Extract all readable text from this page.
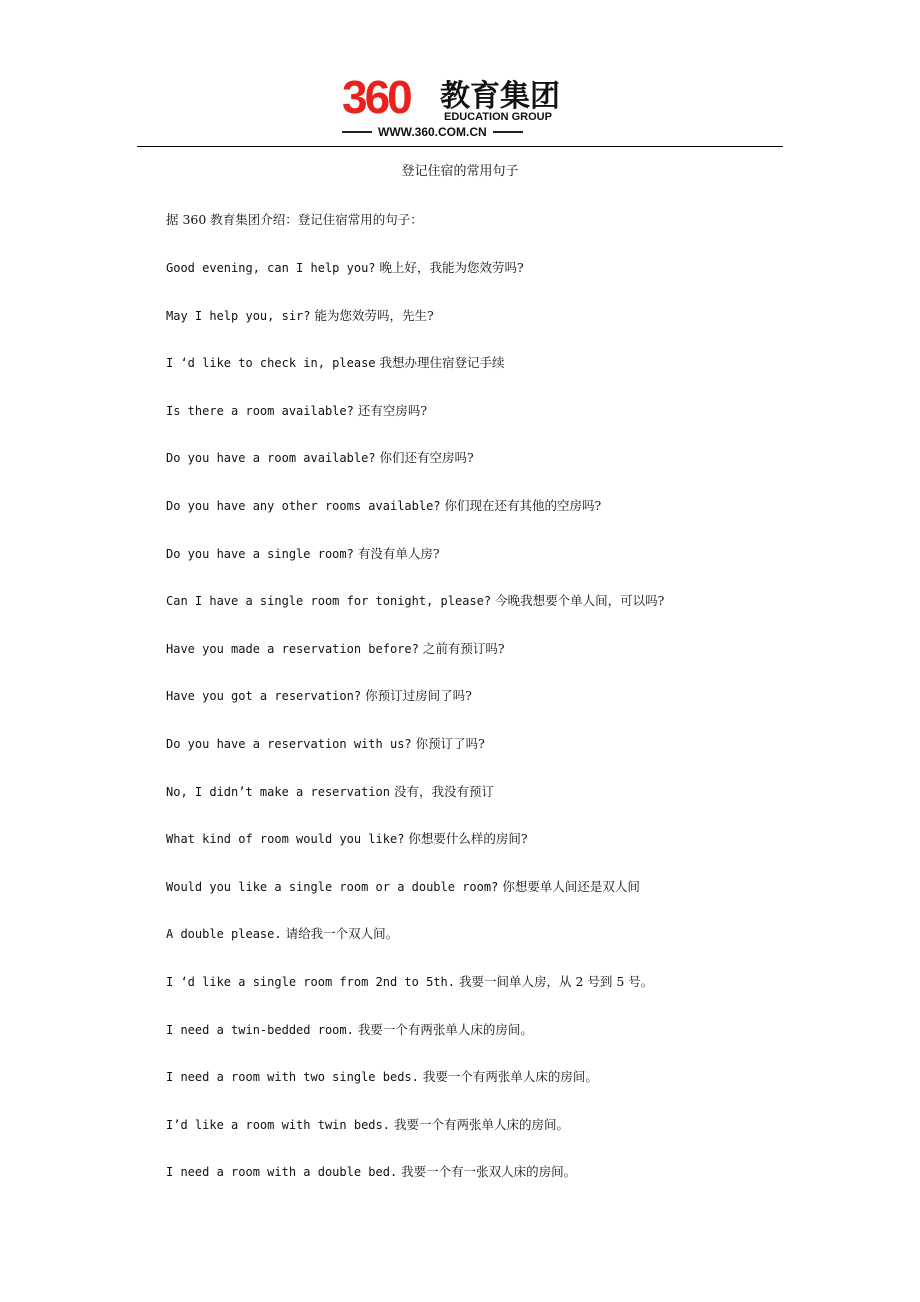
360 教育集团
EDUCATION GROUP
WWW.360.COM.CN
登记住宿的常用句子
据 360 教育集团介绍：登记住宿常用的句子：
Good evening, can I help you? 晚上好，我能为您效劳吗?
May I help you, sir? 能为您效劳吗，先生?
I ‘d like to check in, please 我想办理住宿登记手续
Is there a room available? 还有空房吗?
Do you have a room available? 你们还有空房吗?
Do you have any other rooms available? 你们现在还有其他的空房吗?
Do you have a single room? 有没有单人房?
Can I have a single room for tonight, please? 今晚我想要个单人间，可以吗?
Have you made a reservation before? 之前有预订吗?
Have you got a reservation? 你预订过房间了吗?
Do you have a reservation with us? 你预订了吗?
No, I didn’t make a reservation 没有，我没有预订
What kind of room would you like? 你想要什么样的房间?
Would you like a single room or a double room? 你想要单人间还是双人间
A double please. 请给我一个双人间。
I ‘d like a single room from 2nd to 5th. 我要一间单人房，从 2 号到 5 号。
I need a twin-bedded room. 我要一个有两张单人床的房间。
I need a room with two single beds. 我要一个有两张单人床的房间。
I’d like a room with twin beds. 我要一个有两张单人床的房间。
I need a room with a double bed. 我要一个有一张双人床的房间。
